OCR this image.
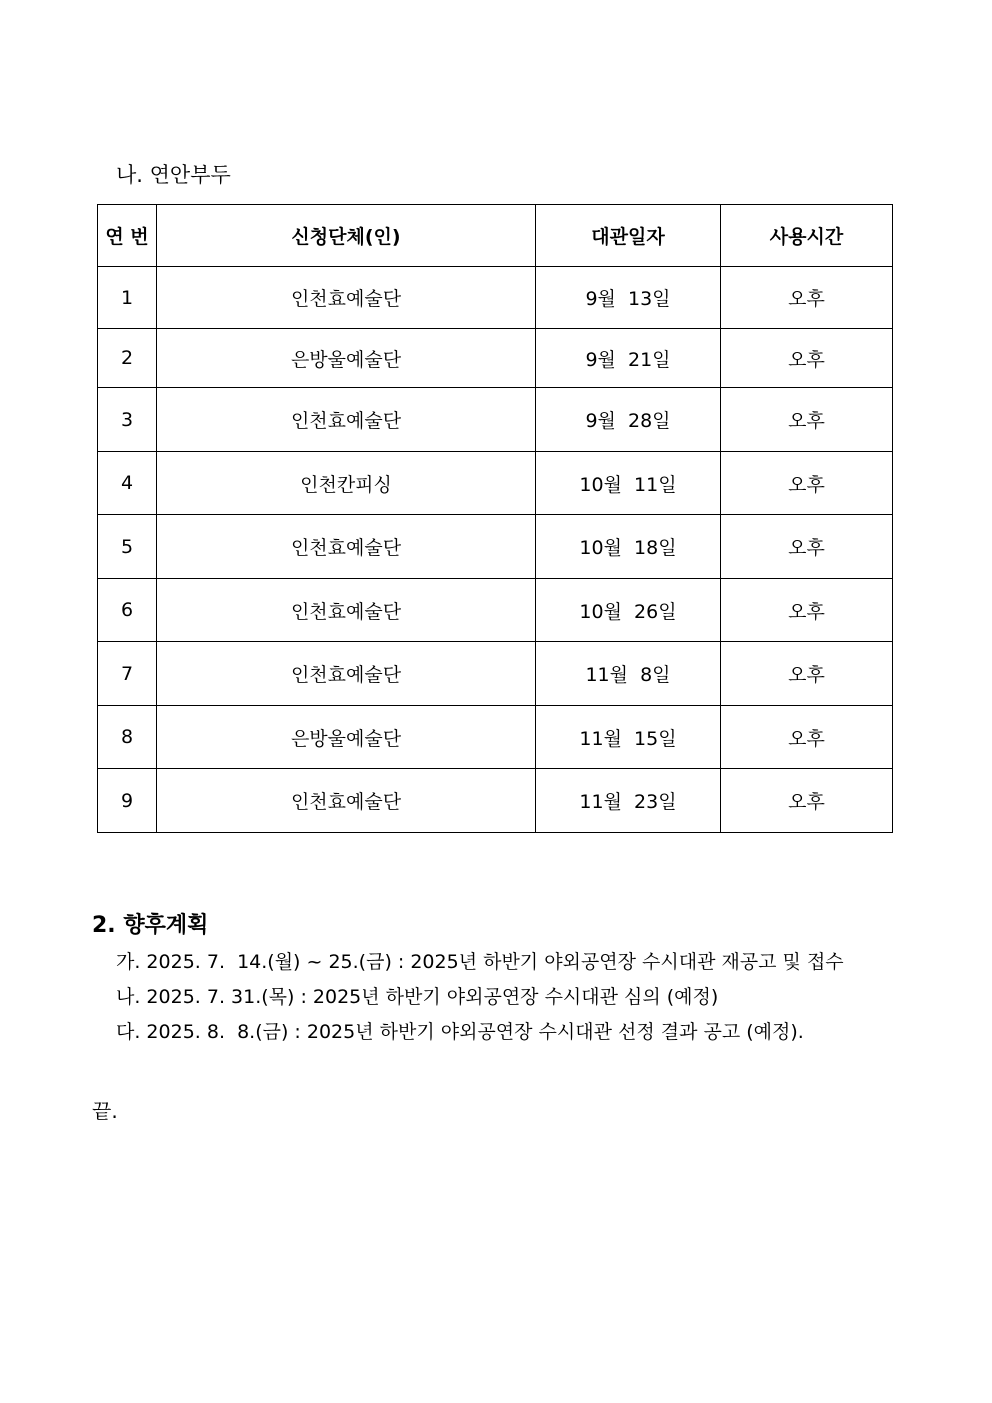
나. 연안부두
연 번	신청단체(인)	대관일자	사용시간
1	인천효예술단	9월  13일	오후
2	은방울예술단	9월  21일	오후
3	인천효예술단	9월  28일	오후
4	인천칸피싱	10월  11일	오후
5	인천효예술단	10월  18일	오후
6	인천효예술단	10월  26일	오후
7	인천효예술단	11월  8일	오후
8	은방울예술단	11월  15일	오후
9	인천효예술단	11월  23일	오후
2. 향후계획
가. 2025. 7.  14.(월) ~ 25.(금) : 2025년 하반기 야외공연장 수시대관 재공고 및 접수
나. 2025. 7. 31.(목) : 2025년 하반기 야외공연장 수시대관 심의 (예정)
다. 2025. 8.  8.(금) : 2025년 하반기 야외공연장 수시대관 선정 결과 공고 (예정).
끝.
